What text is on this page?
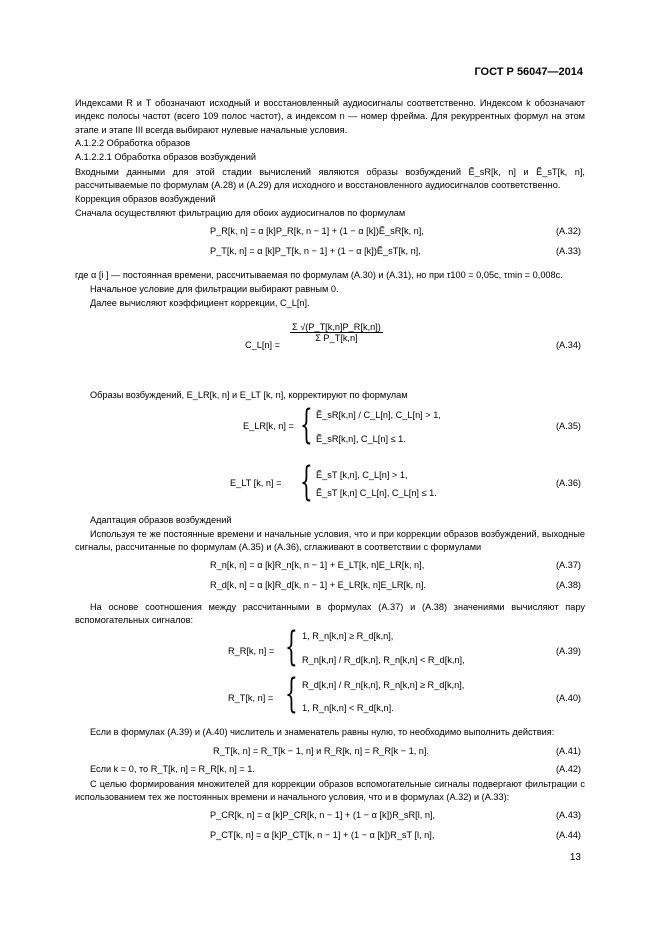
ГОСТ Р 56047—2014
Индексами R и T обозначают исходный и восстановленный аудиосигналы соответственно. Индексом k обозначают индекс полосы частот (всего 109 полос частот), а индексом n — номер фрейма. Для рекуррентных формул на этом этапе и этапе III всегда выбирают нулевые начальные условия.
А.1.2.2 Обработка образов
А.1.2.2.1 Обработка образов возбуждений
Входными данными для этой стадии вычислений являются образы возбуждений Ẽ_sR[k, n] и Ẽ_sT[k, n], рассчитываемые по формулам (А.28) и (А.29) для исходного и восстановленного аудиосигналов соответственно.
Коррекция образов возбуждений
Сначала осуществляют фильтрацию для обоих аудиосигналов по формулам
P_R[k, n] = α [k]P_R[k, n − 1] + (1 − α [k])Ẽ_sR[k, n],	(А.32)
P_T[k, n] = α [k]P_T[k, n − 1] + (1 − α [k])Ẽ_sT[k, n],	(А.33)
где α [i ] — постоянная времени, рассчитываемая по формулам (А.30) и (А.31), но при τ100 = 0,05с, τmin = 0,008с.
Начальное условие для фильтрации выбирают равным 0.
Далее вычисляют коэффициент коррекции, C_L[n].
C_L[n] =
$\frac{\Sigma √(P\_T[k,n]P\_R[k,n])}{\text{Σ P\_T[k,n]}}$
(А.34)
Образы возбуждений, E_LR[k, n] и E_LT [k, n], корректируют по формулам
E_LR[k, n] = { Ẽ_sR[k,n] / C_L[n], C_L[n] > 1,
Ẽ_sR[k,n], C_L[n] ≤ 1.
(А.35)
E_LT [k, n] = { Ẽ_sT [k,n], C_L[n] > 1,
Ẽ_sT [k,n] C_L[n], C_L[n] ≤ 1.
(А.36)
Адаптация образов возбуждений
Используя те же постоянные времени и начальные условия, что и при коррекции образов возбуждений, выходные сигналы, рассчитанные по формулам (А.35) и (А.36), сглаживают в соответствии с формулами
R_n[k, n] = α [k]R_n[k, n − 1] + E_LT[k, n]E_LR[k, n],	(А.37)
R_d[k, n] = α [k]R_d[k, n − 1] + E_LR[k, n]E_LR[k, n].	(А.38)
На основе соотношения между рассчитанными в формулах (А.37) и (А.38) значениями вычисляют пару вспомогательных сигналов:
R_R[k, n] = { 1, R_n[k,n] ≥ R_d[k,n],
R_n[k,n] / R_d[k,n], R_n[k,n] < R_d[k,n],
(А.39)
R_T[k, n] = { R_d[k,n] / R_n[k,n], R_n[k,n] ≥ R_d[k,n],
1, R_n[k,n] < R_d[k,n].
(А.40)
Если в формулах (А.39) и (А.40) числитель и знаменатель равны нулю, то необходимо выполнить действия:
R_T[k, n] = R_T[k − 1, n] и R_R[k, n] = R_R[k − 1, n].	(А.41)
Если k = 0, то R_T[k, n] = R_R[k, n] = 1.	(А.42)
С целью формирования множителей для коррекции образов вспомогательные сигналы подвергают фильтрации с использованием тех же постоянных времени и начального условия, что и в формулах (А.32) и (А.33):
P_CR[k, n] = α [k]P_CR[k, n − 1] + (1 − α [k])R_sR[l, n],	(А.43)
P_CT[k, n] = α [k]P_CT[k, n − 1] + (1 − α [k])R_sT [l, n],	(А.44)
13
